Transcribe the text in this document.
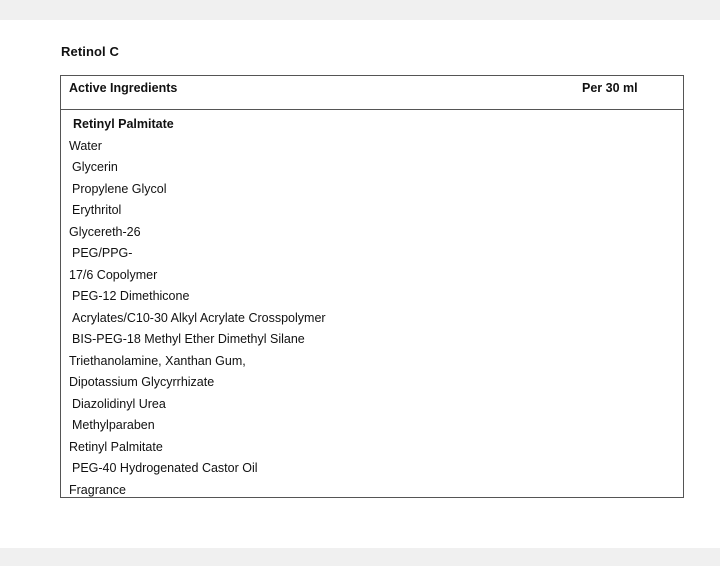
Retinol C
Active Ingredients	Per 30 ml
Retinyl Palmitate
Water
Glycerin
Propylene Glycol
Erythritol
Glycereth-26
PEG/PPG-
17/6 Copolymer
PEG-12 Dimethicone
Acrylates/C10-30 Alkyl Acrylate Crosspolymer
BIS-PEG-18 Methyl Ether Dimethyl Silane
Triethanolamine, Xanthan Gum,
Dipotassium Glycyrrhizate
Diazolidinyl Urea
Methylparaben
Retinyl Palmitate
PEG-40 Hydrogenated Castor Oil
Fragrance
